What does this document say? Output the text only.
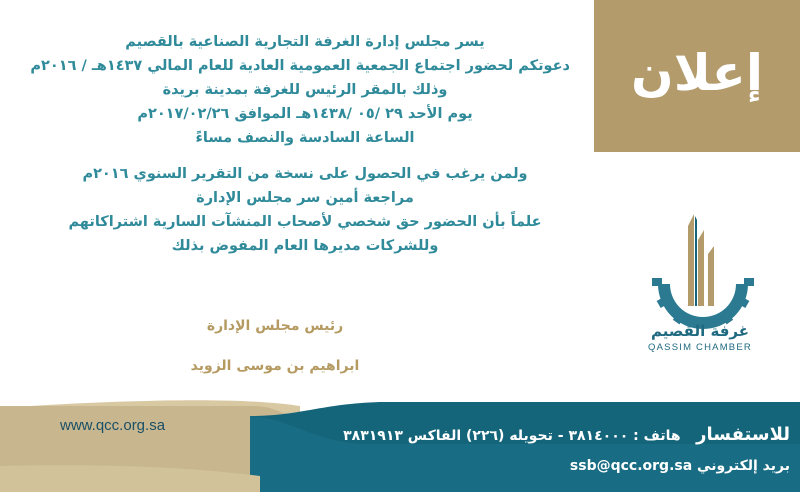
إعلان

يسر مجلس إدارة الغرفة التجارية الصناعية بالقصيم

دعوتكم لحضور اجتماع الجمعية العمومية العادية للعام المالي ١٤٣٧هـ / ٢٠١٦م

وذلك بالمقر الرئيس للغرفة بمدينة بريدة

يوم الأحد ٢٩ /٠٥ /١٤٣٨هـ الموافق ٢٠١٧/٠٢/٢٦م

الساعة السادسة والنصف مساءً

ولمن يرغب في الحصول على نسخة من التقرير السنوي ٢٠١٦م

مراجعة أمين سر مجلس الإدارة

علماً بأن الحضور حق شخصي لأصحاب المنشآت السارية اشتراكاتهم

وللشركات مديرها العام المفوض بذلك

رئيس مجلس الإدارة
ابراهيم بن موسى الزويد
غرفة القصيم
QASSIM CHAMBER
www.qcc.org.sa	للاستفسار هاتف : ٣٨١٤٠٠٠ - تحويله (٢٢٦) الفاكس ٣٨٣١٩١٣
بريد إلكتروني ssb@qcc.org.sa
